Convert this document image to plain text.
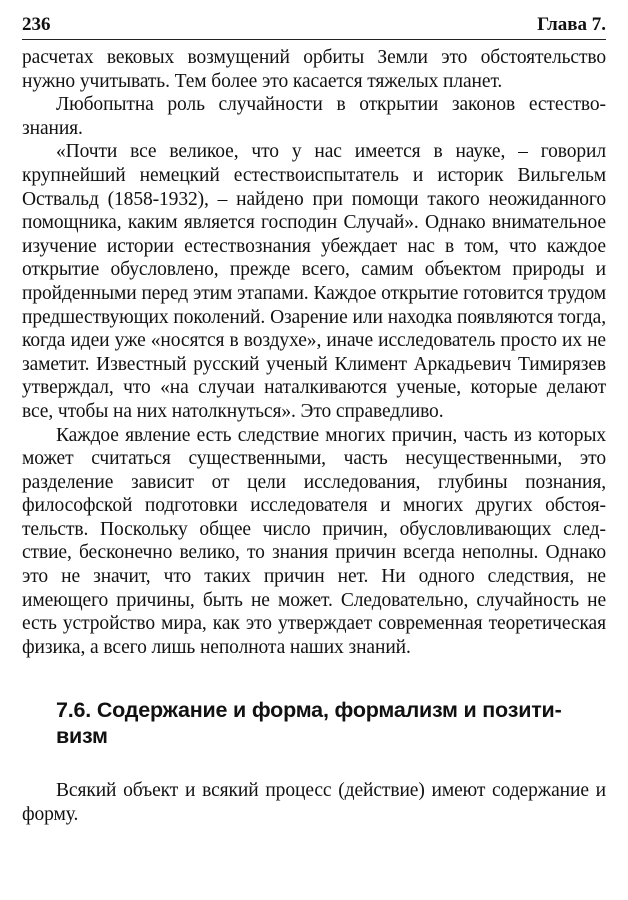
236	Глава 7.

расчетах вековых возмущений орбиты Земли это обстоятельство нужно учитывать. Тем более это касается тяжелых планет.

Любопытна роль случайности в открытии законов естествознания.

«Почти все великое, что у нас имеется в науке, – говорил крупнейший немецкий естествоиспытатель и историк Вильгельм Оствальд (1858-1932), – найдено при помощи такого неожиданного помощника, каким является господин Случай». Однако внимательное изучение истории естествознания убеждает нас в том, что каждое открытие обусловлено, прежде всего, самим объектом природы и пройденными перед этим этапами. Каждое открытие готовится трудом предшествующих поколений. Озарение или находка появляются тогда, когда идеи уже «носятся в воздухе», иначе исследователь просто их не заметит. Известный русский ученый Климент Аркадьевич Тимирязев утверждал, что «на случаи наталкиваются ученые, которые делают все, чтобы на них натолкнуться». Это справедливо.

Каждое явление есть следствие многих причин, часть из которых может считаться существенными, часть несущественными, это разделение зависит от цели исследования, глубины познания, философской подготовки исследователя и многих других обстоятельств. Поскольку общее число причин, обусловливающих следствие, бесконечно велико, то знания причин всегда неполны. Однако это не значит, что таких причин нет. Ни одного следствия, не имеющего причины, быть не может. Следовательно, случайность не есть устройство мира, как это утверждает современная теоретическая физика, а всего лишь неполнота наших знаний.

7.6. Содержание и форма, формализм и позитивизм

Всякий объект и всякий процесс (действие) имеют содержание и форму.
